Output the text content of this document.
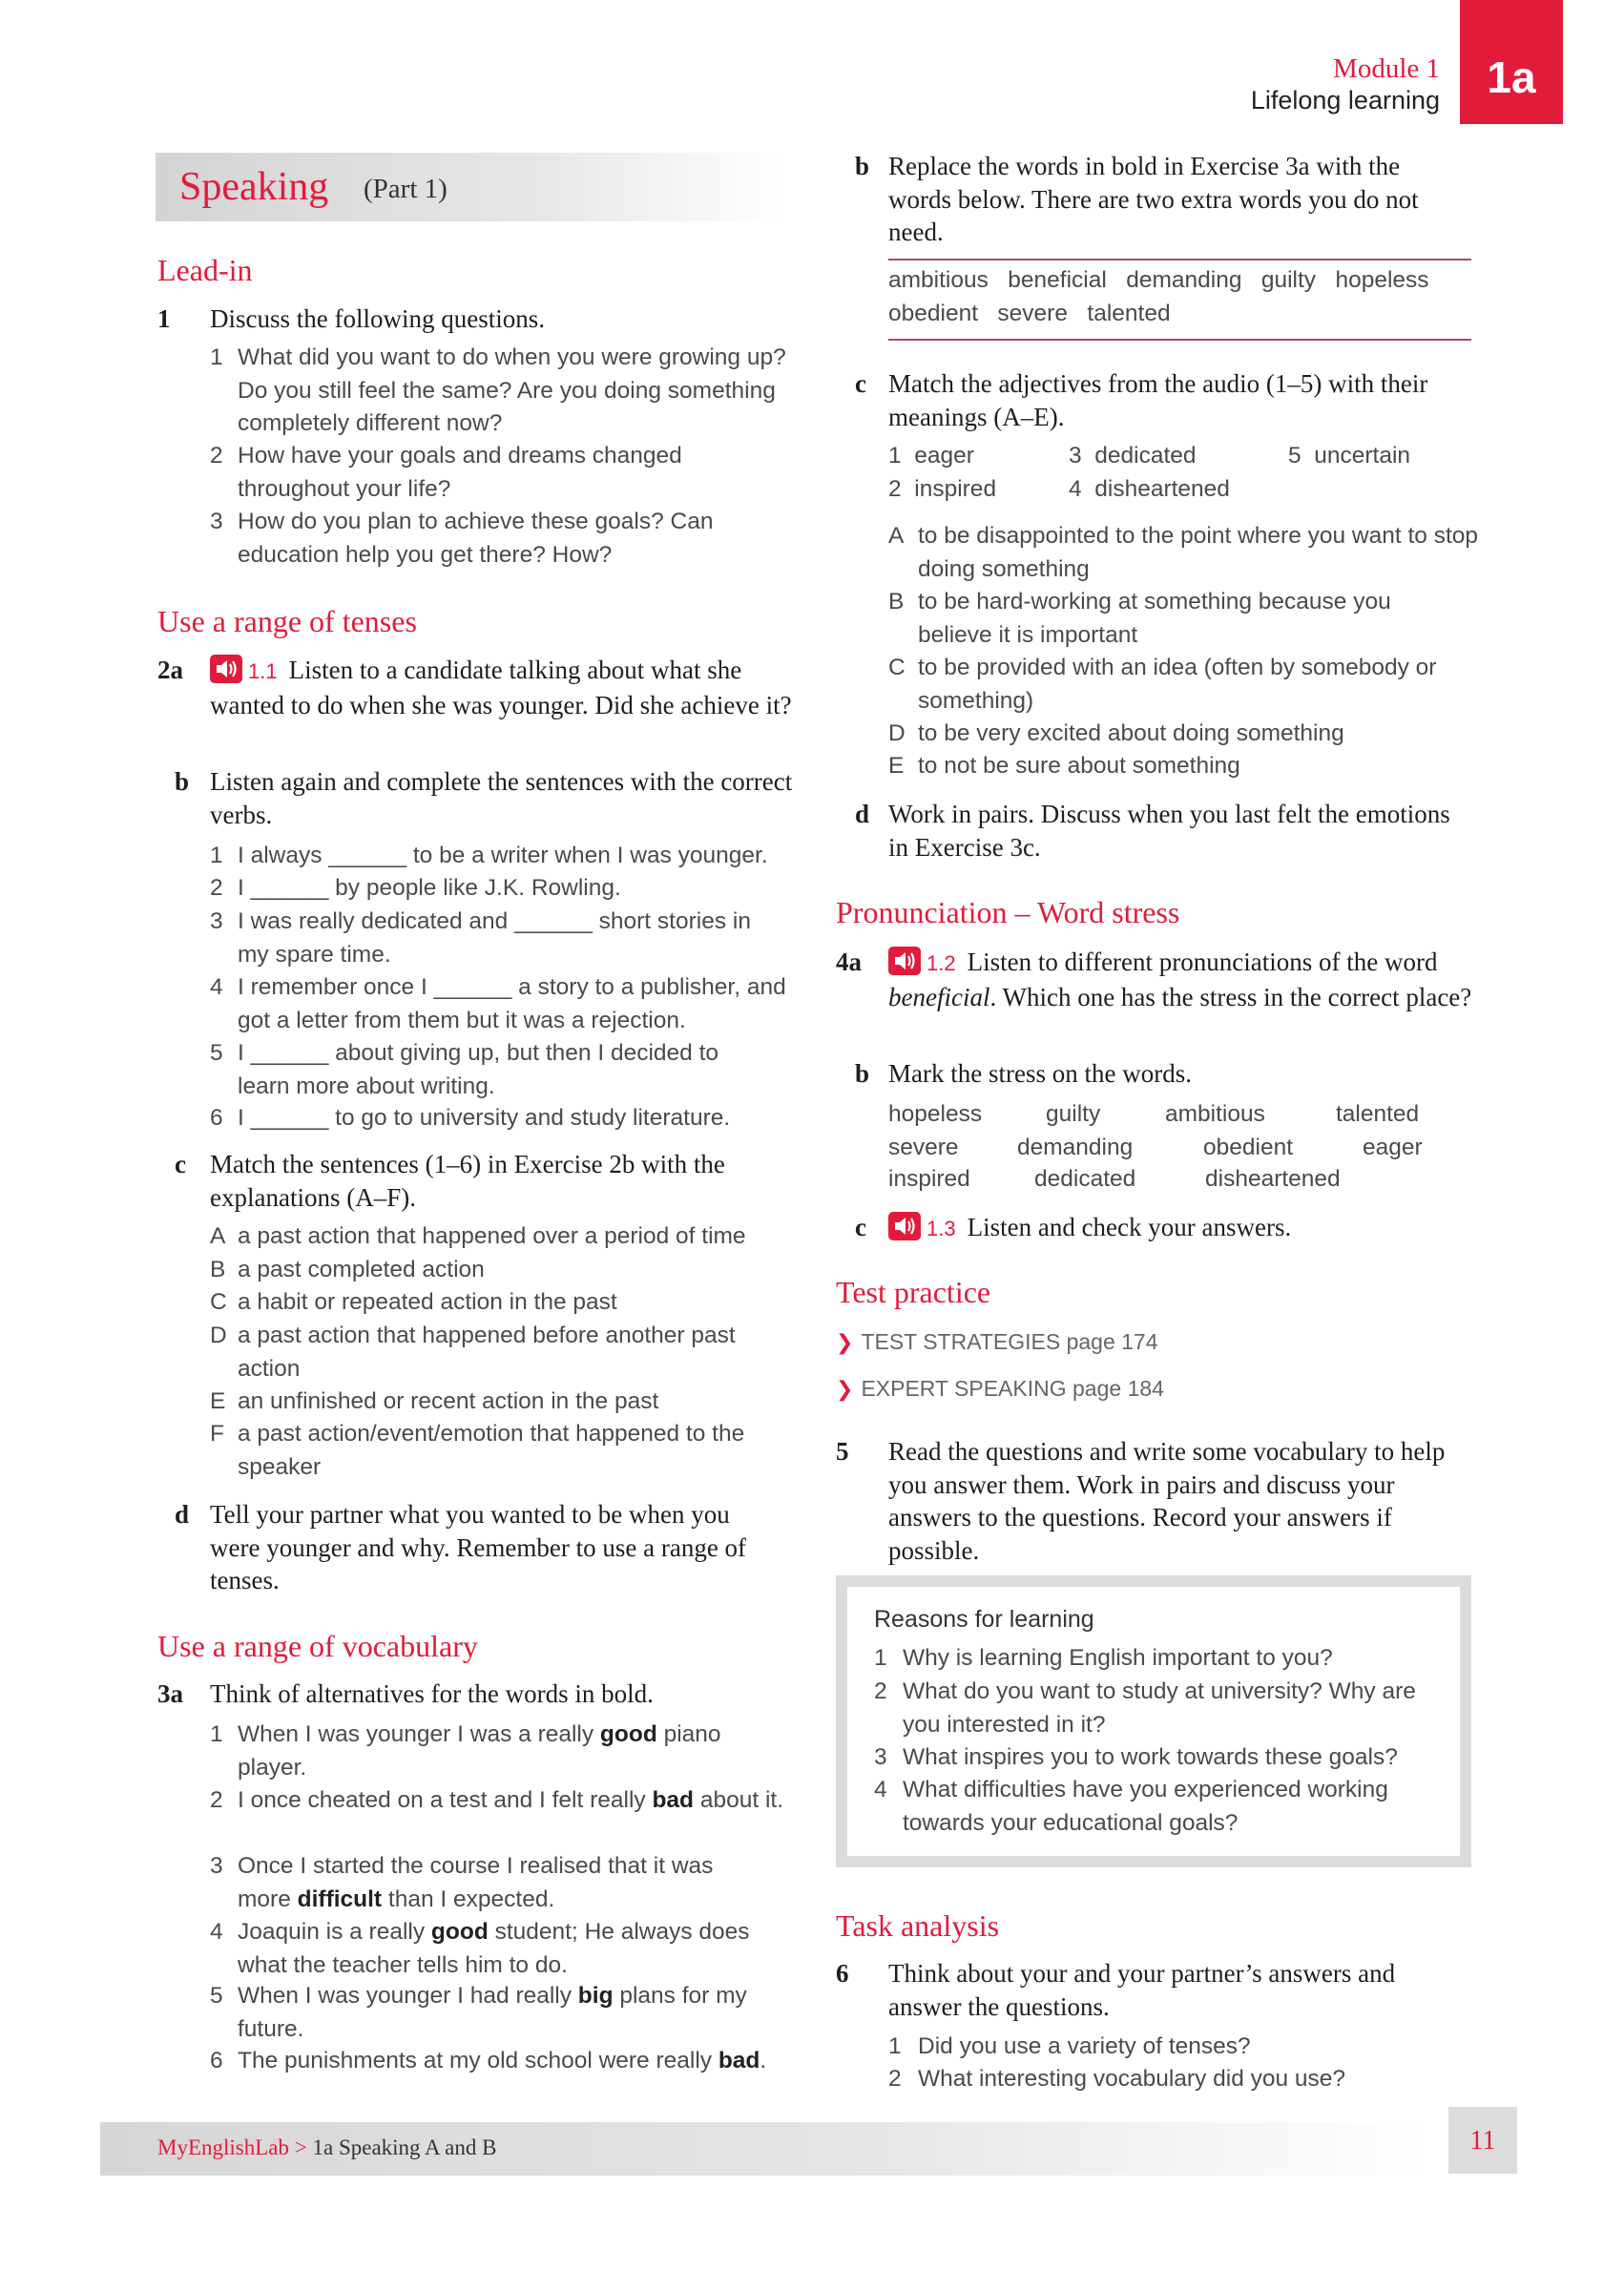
Module 1
Lifelong learning	1a
Speaking (Part 1)
Lead-in
1 Discuss the following questions.
1 What did you want to do when you were growing up? Do you still feel the same? Are you doing something completely different now?
2 How have your goals and dreams changed throughout your life?
3 How do you plan to achieve these goals? Can education help you get there? How?
Use a range of tenses
2a	1.1 Listen to a candidate talking about what she wanted to do when she was younger. Did she achieve it?
b Listen again and complete the sentences with the correct verbs.
1 I always ______ to be a writer when I was younger.
2 I ______ by people like J.K. Rowling.
3 I was really dedicated and ______ short stories in my spare time.
4 I remember once I ______ a story to a publisher, and got a letter from them but it was a rejection.
5 I ______ about giving up, but then I decided to learn more about writing.
6 I ______ to go to university and study literature.
c Match the sentences (1–6) in Exercise 2b with the explanations (A–F).
A a past action that happened over a period of time
B a past completed action
C a habit or repeated action in the past
D a past action that happened before another past action
E an unfinished or recent action in the past
F a past action/event/emotion that happened to the speaker
d Tell your partner what you wanted to be when you were younger and why. Remember to use a range of tenses.
Use a range of vocabulary
3a Think of alternatives for the words in bold.
1 When I was younger I was a really good piano player.
2 I once cheated on a test and I felt really bad about it.
3 Once I started the course I realised that it was more difficult than I expected.
4 Joaquin is a really good student; He always does what the teacher tells him to do.
5 When I was younger I had really big plans for my future.
6 The punishments at my old school were really bad.
b Replace the words in bold in Exercise 3a with the words below. There are two extra words you do not need.
ambitious   beneficial   demanding   guilty   hopeless
obedient   severe   talented
c Match the adjectives from the audio (1–5) with their meanings (A–E).
1 eager
2 inspired
3 dedicated
4 disheartened
5 uncertain
A to be disappointed to the point where you want to stop doing something
B to be hard-working at something because you believe it is important
C to be provided with an idea (often by somebody or something)
D to be very excited about doing something
E to not be sure about something
d Work in pairs. Discuss when you last felt the emotions in Exercise 3c.
Pronunciation – Word stress
4a	1.2 Listen to different pronunciations of the word beneficial. Which one has the stress in the correct place?
b Mark the stress on the words.
hopeless	guilty	ambitious	talented
severe	demanding	obedient	eager
inspired	dedicated	disheartened
c	1.3 Listen and check your answers.
Test practice
❯ TEST STRATEGIES page 174
❯ EXPERT SPEAKING page 184
5 Read the questions and write some vocabulary to help you answer them. Work in pairs and discuss your answers to the questions. Record your answers if possible.
Reasons for learning
1 Why is learning English important to you?
2 What do you want to study at university? Why are you interested in it?
3 What inspires you to work towards these goals?
4 What difficulties have you experienced working towards your educational goals?
Task analysis
6 Think about your and your partner’s answers and answer the questions.
1 Did you use a variety of tenses?
2 What interesting vocabulary did you use?
MyEnglishLab > 1a Speaking A and B	11
